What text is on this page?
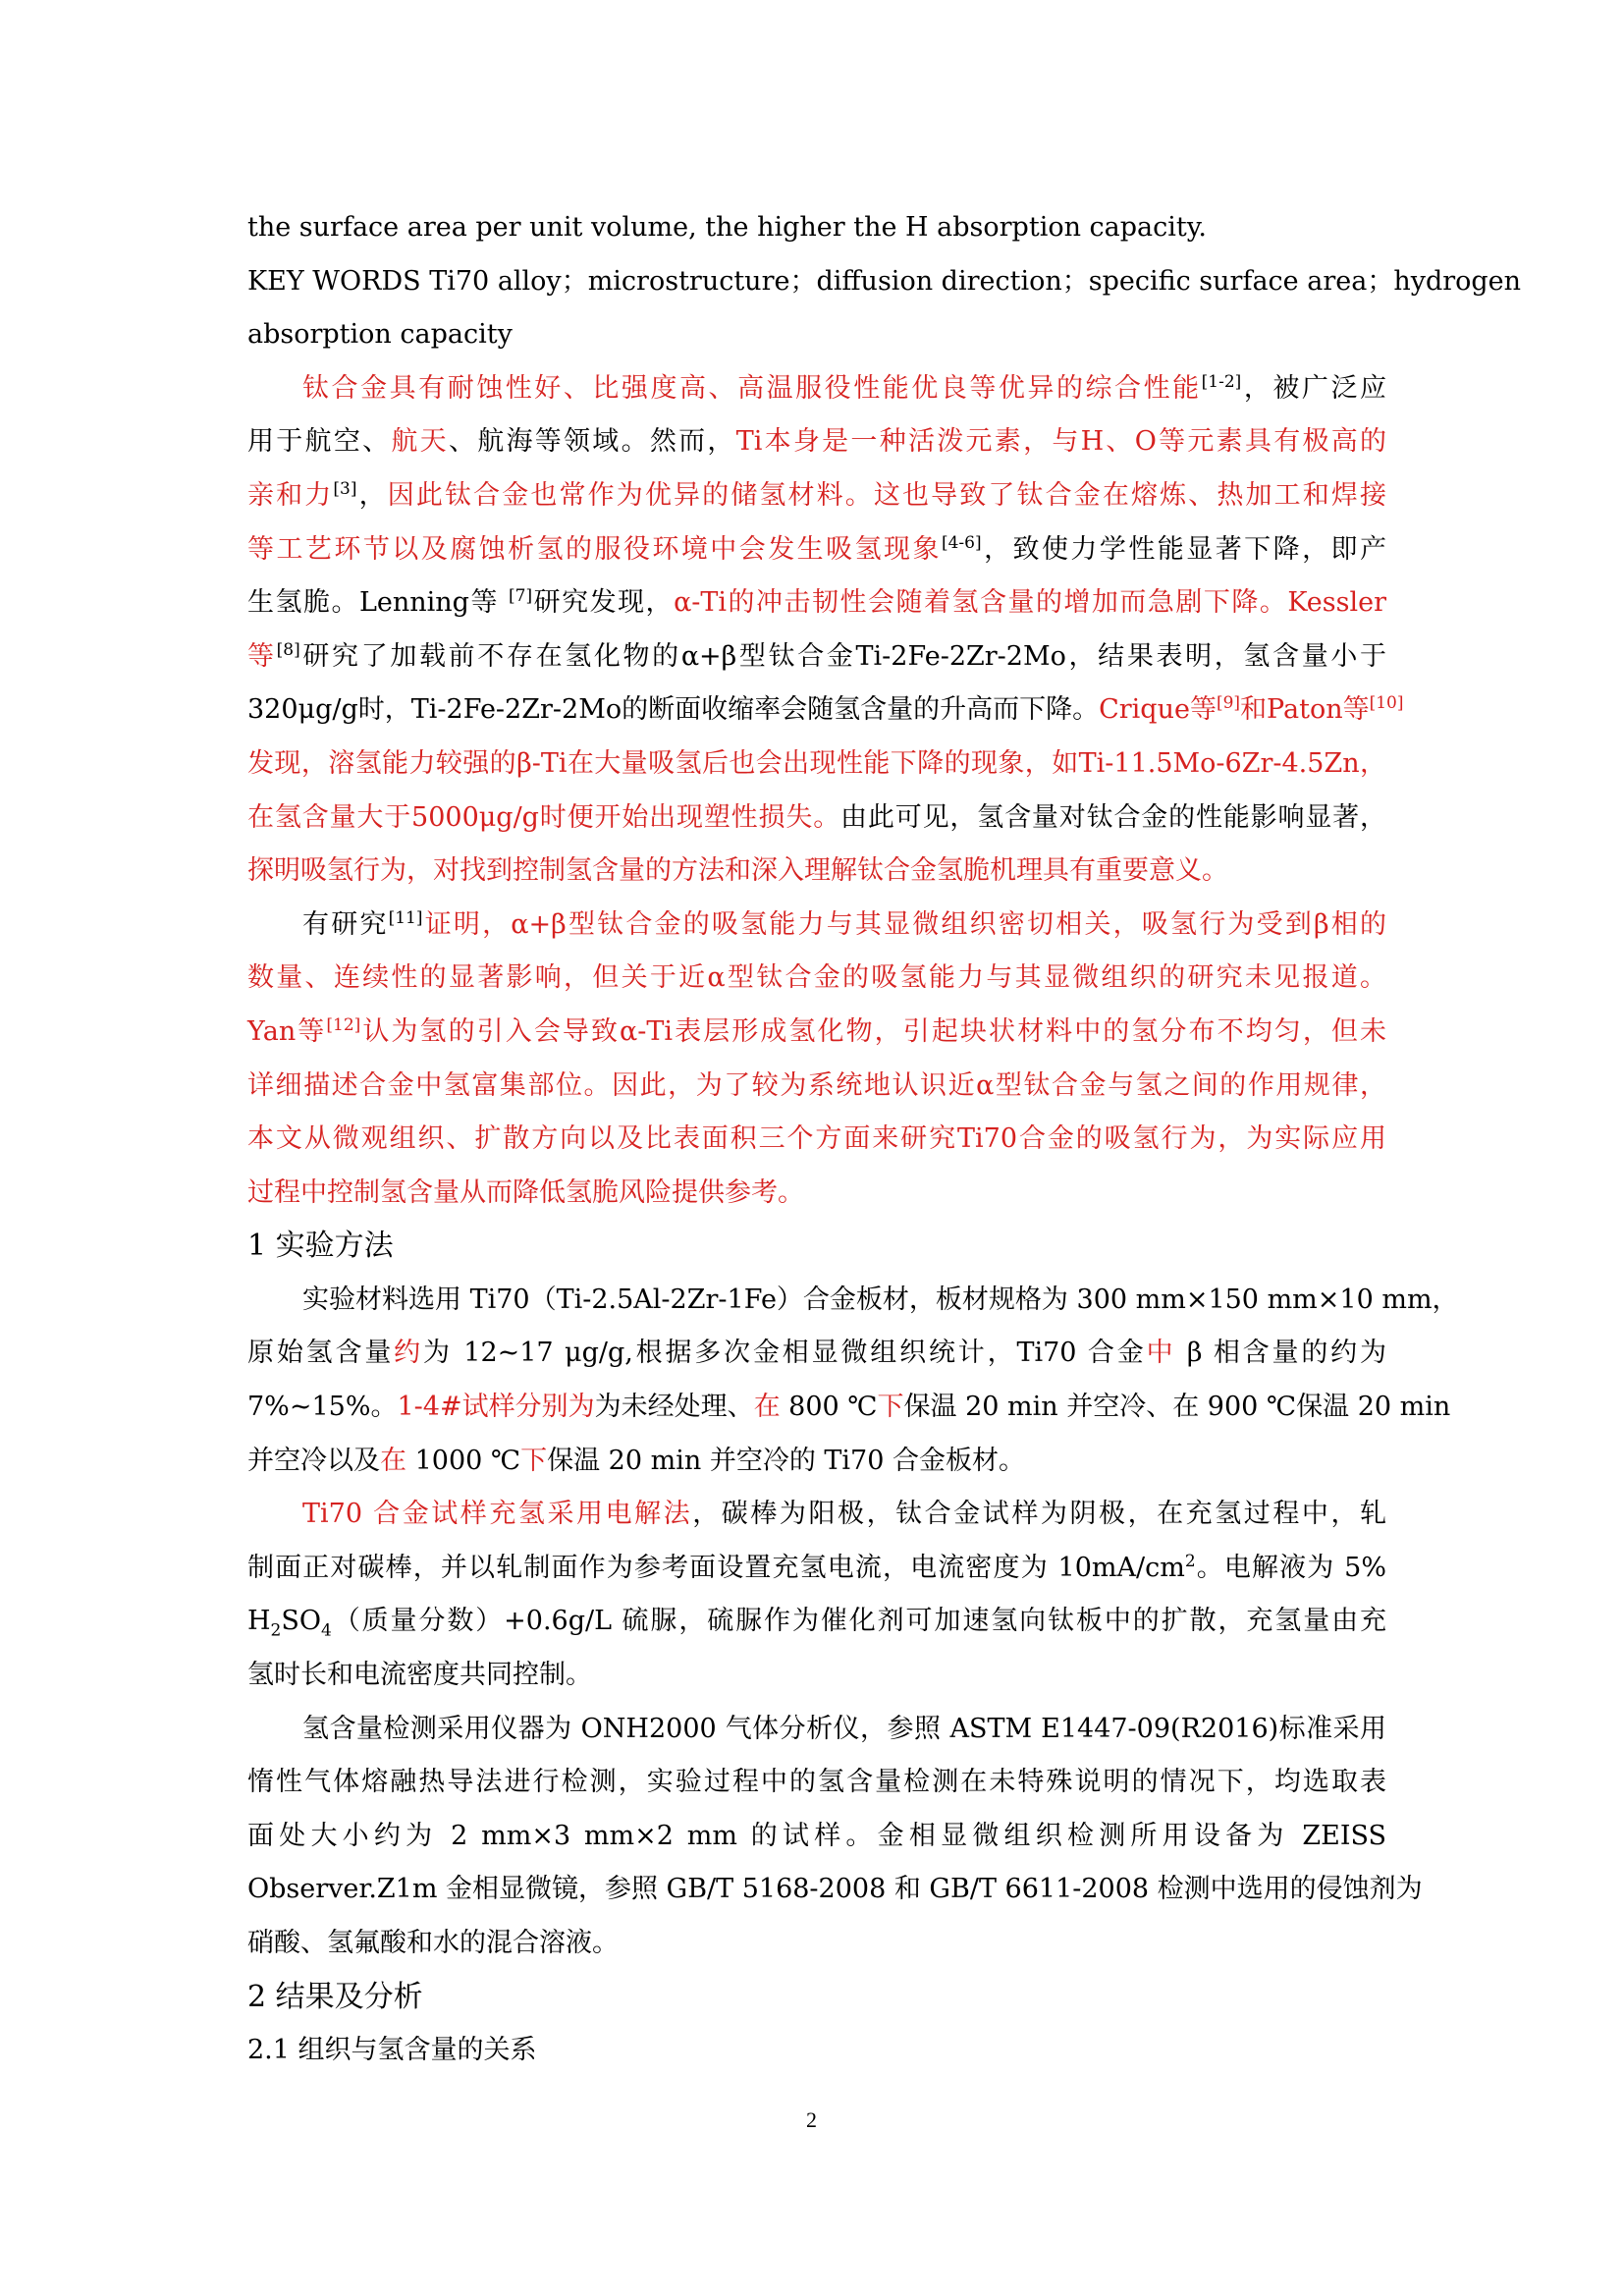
the surface area per unit volume, the higher the H absorption capacity.
KEY WORDS Ti70 alloy；microstructure；diffusion direction；specific surface area；hydrogen
absorption capacity
钛合金具有耐蚀性好、比强度高、高温服役性能优良等优异的综合性能[1-2]，被广泛应
用于航空、航天、航海等领域。然而，Ti本身是一种活泼元素，与H、O等元素具有极高的
亲和力[3]，因此钛合金也常作为优异的储氢材料。这也导致了钛合金在熔炼、热加工和焊接
等工艺环节以及腐蚀析氢的服役环境中会发生吸氢现象[4-6]，致使力学性能显著下降，即产
生氢脆。Lenning等 [7]研究发现，α-Ti的冲击韧性会随着氢含量的增加而急剧下降。Kessler
等[8]研究了加载前不存在氢化物的α+β型钛合金Ti-2Fe-2Zr-2Mo，结果表明，氢含量小于
320μg/g时，Ti-2Fe-2Zr-2Mo的断面收缩率会随氢含量的升高而下降。Crique等[9]和Paton等[10]
发现，溶氢能力较强的β-Ti在大量吸氢后也会出现性能下降的现象，如Ti-11.5Mo-6Zr-4.5Zn，
在氢含量大于5000μg/g时便开始出现塑性损失。由此可见，氢含量对钛合金的性能影响显著，
探明吸氢行为，对找到控制氢含量的方法和深入理解钛合金氢脆机理具有重要意义。
有研究[11]证明，α+β型钛合金的吸氢能力与其显微组织密切相关，吸氢行为受到β相的
数量、连续性的显著影响，但关于近α型钛合金的吸氢能力与其显微组织的研究未见报道。
Yan等[12]认为氢的引入会导致α-Ti表层形成氢化物，引起块状材料中的氢分布不均匀，但未
详细描述合金中氢富集部位。因此，为了较为系统地认识近α型钛合金与氢之间的作用规律，
本文从微观组织、扩散方向以及比表面积三个方面来研究Ti70合金的吸氢行为，为实际应用
过程中控制氢含量从而降低氢脆风险提供参考。
1 实验方法
实验材料选用 Ti70（Ti-2.5Al-2Zr-1Fe）合金板材，板材规格为 300 mm×150 mm×10 mm，
原始氢含量约为 12~17 μg/g,根据多次金相显微组织统计，Ti70 合金中 β 相含量的约为
7%~15%。1-4#试样分别为为未经处理、在 800 ℃下保温 20 min 并空冷、在 900 ℃保温 20 min
并空冷以及在 1000 ℃下保温 20 min 并空冷的 Ti70 合金板材。
Ti70 合金试样充氢采用电解法，碳棒为阳极，钛合金试样为阴极，在充氢过程中，轧
制面正对碳棒，并以轧制面作为参考面设置充氢电流，电流密度为 $10mA/cm^2$。电解液为 5%
$H_2SO_4$（质量分数）+0.6g/L 硫脲，硫脲作为催化剂可加速氢向钛板中的扩散，充氢量由充
氢时长和电流密度共同控制。
氢含量检测采用仪器为 ONH2000 气体分析仪，参照 ASTM E1447-09(R2016)标准采用
惰性气体熔融热导法进行检测，实验过程中的氢含量检测在未特殊说明的情况下，均选取表
面处大小约为 2 mm×3 mm×2 mm 的试样。金相显微组织检测所用设备为 ZEISS
Observer.Z1m 金相显微镜，参照 GB/T 5168-2008 和 GB/T 6611-2008 检测中选用的侵蚀剂为
硝酸、氢氟酸和水的混合溶液。
2 结果及分析
2.1 组织与氢含量的关系
2
